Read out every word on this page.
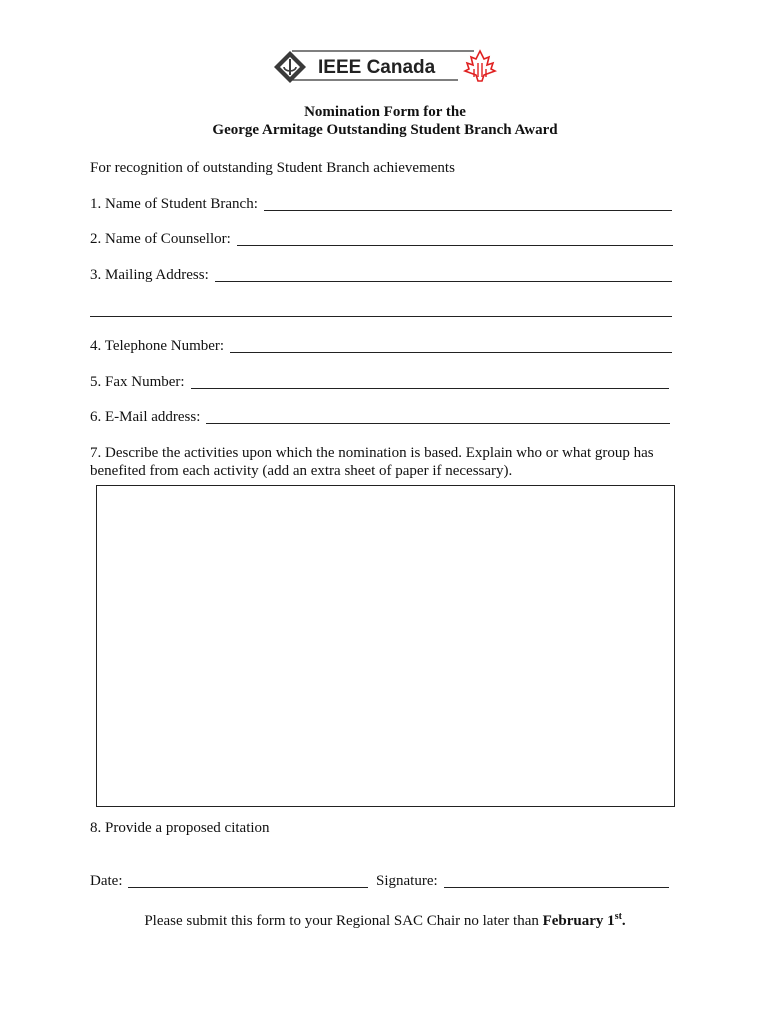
IEEE Canada
Nomination Form for the
George Armitage Outstanding Student Branch Award
For recognition of outstanding Student Branch achievements
1. Name of Student Branch:
2. Name of Counsellor:
3. Mailing Address:
4. Telephone Number:
5. Fax Number:
6. E-Mail address:
7. Describe the activities upon which the nomination is based. Explain who or what group has
benefited from each activity (add an extra sheet of paper if necessary).
8. Provide a proposed citation
Date:	Signature:
Please submit this form to your Regional SAC Chair no later than February 1st.
